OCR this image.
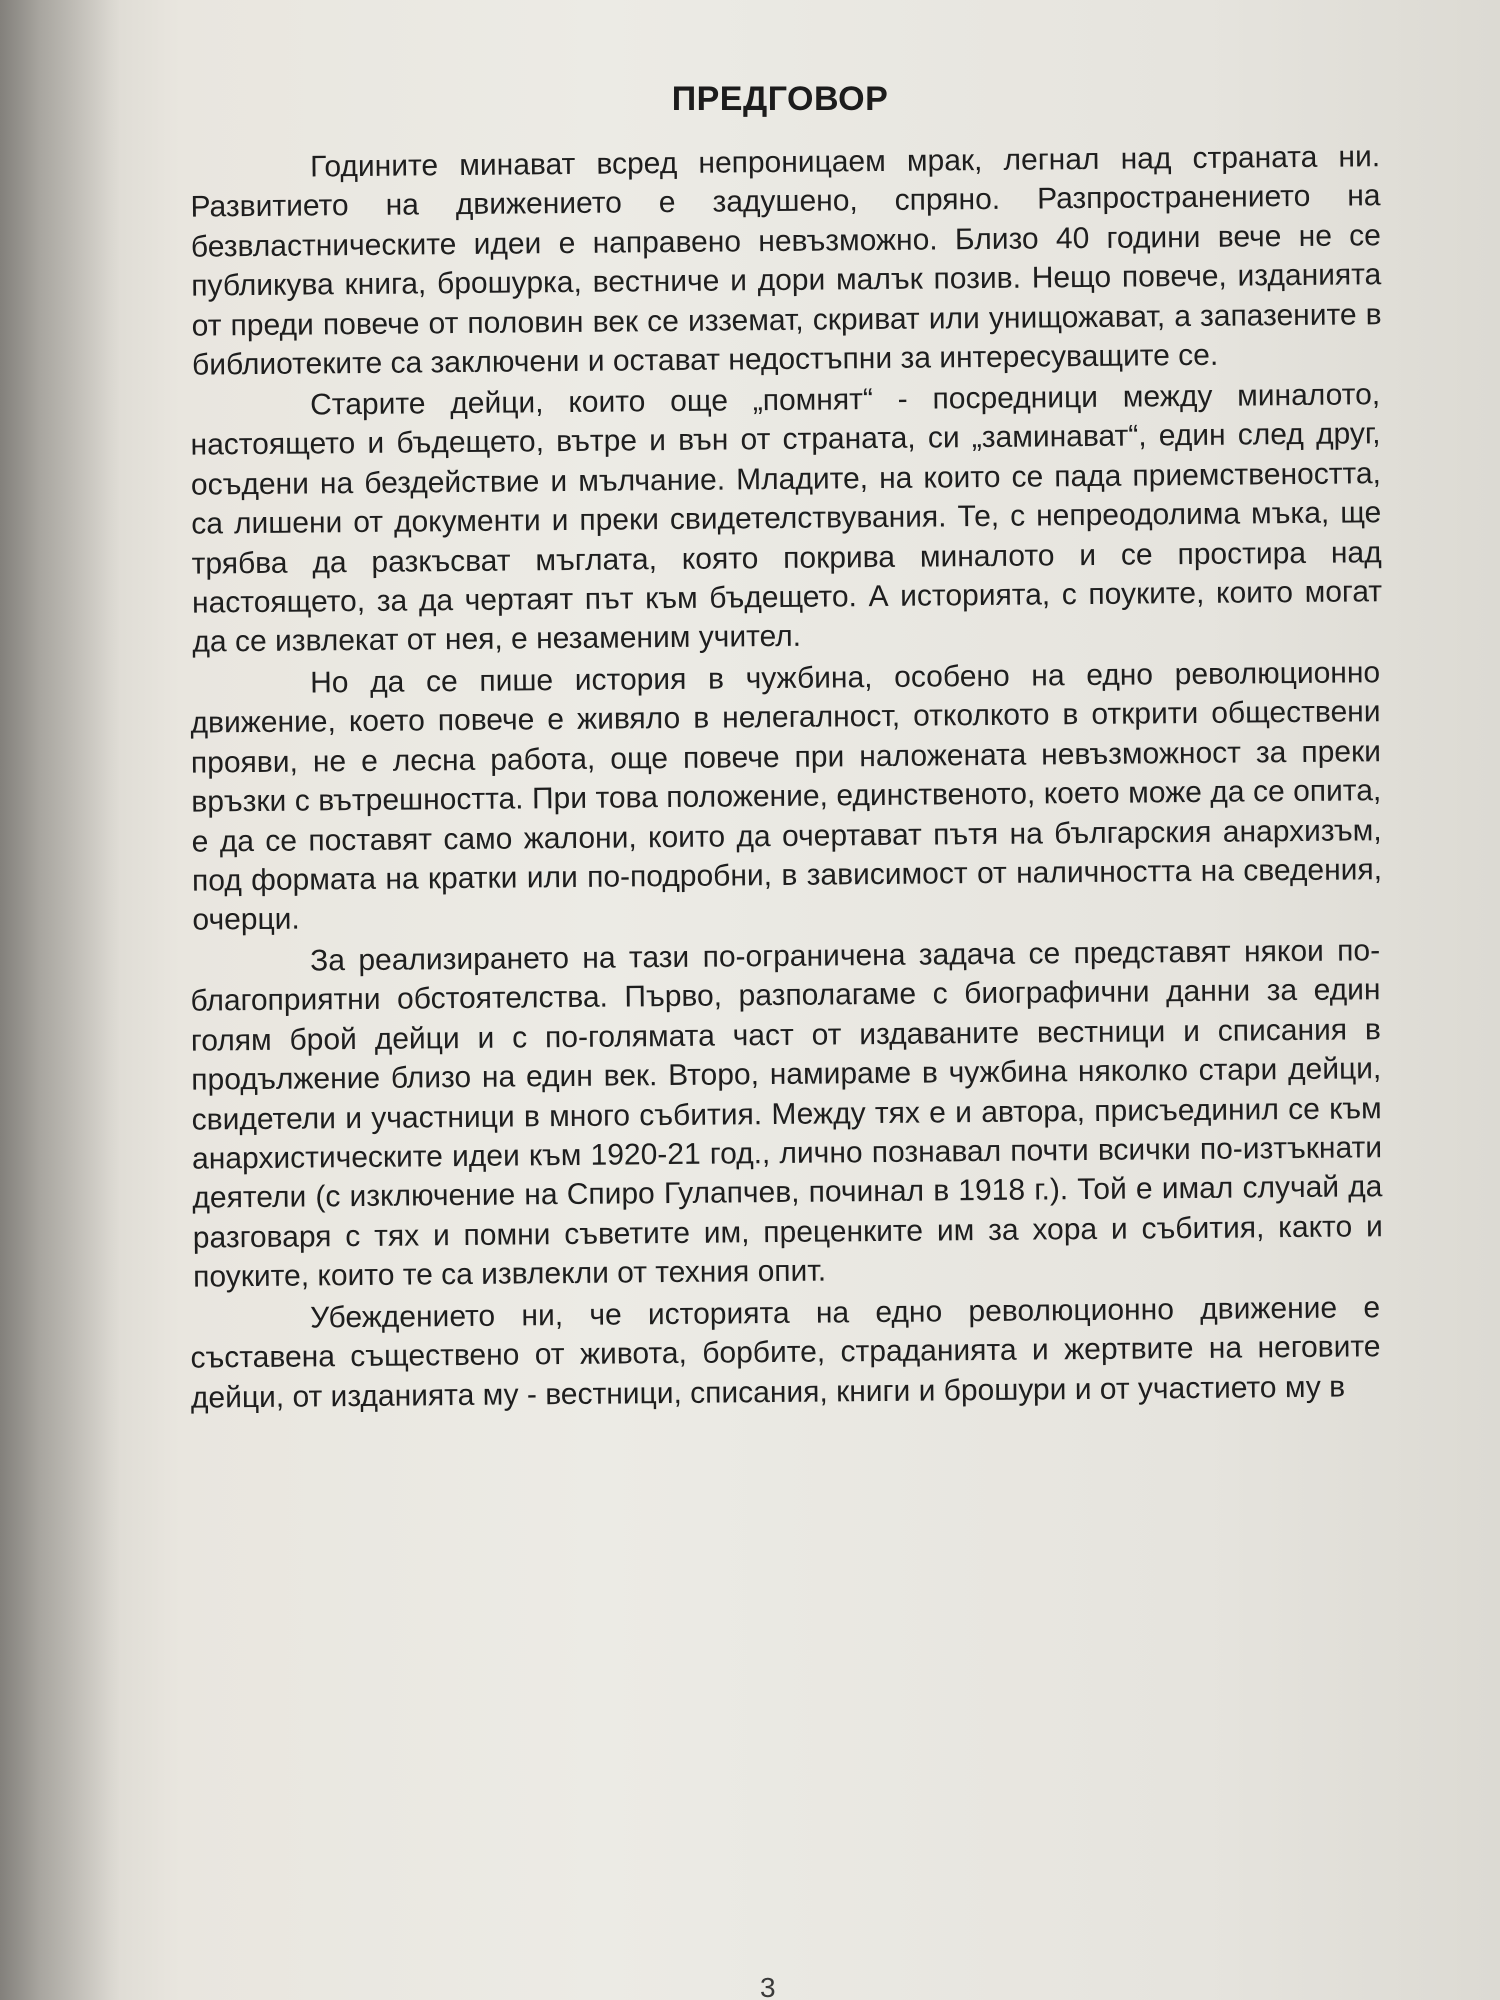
ПРЕДГОВОР

Годините минават всред непроницаем мрак, легнал над страната ни. Развитието на движението е задушено, спряно. Разпространението на безвластническите идеи е направено невъзможно. Близо 40 години вече не се публикува книга, брошурка, вестниче и дори малък позив. Нещо повече, изданията от преди повече от половин век се изземат, скриват или унищожават, а запазените в библиотеките са заключени и остават недостъпни за интересуващите се.

Старите дейци, които още „помнят“ - посредници между миналото, настоящето и бъдещето, вътре и вън от страната, си „заминават“, един след друг, осъдени на бездействие и мълчание. Младите, на които се пада приемствеността, са лишени от документи и преки свидетелствувания. Те, с непреодолима мъка, ще трябва да разкъсват мъглата, която покрива миналото и се простира над настоящето, за да чертаят път към бъдещето. А историята, с поуките, които могат да се извлекат от нея, е незаменим учител.

Но да се пише история в чужбина, особено на едно революционно движение, което повече е живяло в нелегалност, отколкото в открити обществени прояви, не е лесна работа, още повече при наложената невъзможност за преки връзки с вътрешността. При това положение, единственото, което може да се опита, е да се поставят само жалони, които да очертават пътя на българския анархизъм, под формата на кратки или по-подробни, в зависимост от наличността на сведения, очерци.

За реализирането на тази по-ограничена задача се представят някои по-благоприятни обстоятелства. Първо, разполагаме с биографични данни за един голям брой дейци и с по-голямата част от издаваните вестници и списания в продължение близо на един век. Второ, намираме в чужбина няколко стари дейци, свидетели и участници в много събития. Между тях е и автора, присъединил се към анархистическите идеи към 1920-21 год., лично познавал почти всички по-изтъкнати деятели (с изключение на Спиро Гулапчев, починал в 1918 г.). Той е имал случай да разговаря с тях и помни съветите им, преценките им за хора и събития, както и поуките, които те са извлекли от техния опит.

Убеждението ни, че историята на едно революционно движение е съставена съществено от живота, борбите, страданията и жертвите на неговите дейци, от изданията му - вестници, списания, книги и брошури и от участието му в

3
